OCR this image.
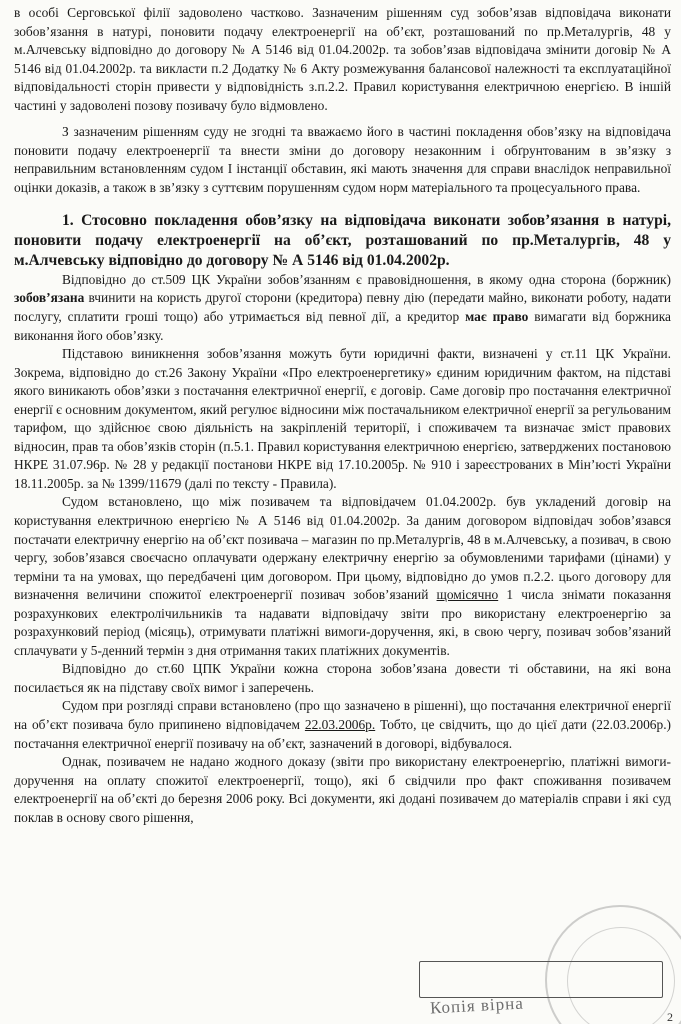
в особі Серговської філії задоволено частково. Зазначеним рішенням суд зобов’язав відповідача виконати зобов’язання в натурі, поновити подачу електроенергії на об’єкт, розташований по пр.Металургів, 48 у м.Алчевську відповідно до договору № А 5146 від 01.04.2002р. та зобов’язав відповідача змінити договір № А 5146 від 01.04.2002р. та викласти п.2 Додатку № 6 Акту розмежування балансової належності та експлуатаційної відповідальності сторін привести у відповідність з.п.2.2. Правил користування електричною енергією. В іншій частині у задоволені позову позивачу було відмовлено.

З зазначеним рішенням суду не згодні та вважаємо його в частині покладення обов’язку на відповідача поновити подачу електроенергії та внести зміни до договору незаконним і обґрунтованим в зв’язку з неправильним встановленням судом І інстанції обставин, які мають значення для справи внаслідок неправильної оцінки доказів, а також в зв’язку з суттєвим порушенням судом норм матеріального та процесуального права.

1. Стосовно покладення обов’язку на відповідача виконати зобов’язання в натурі, поновити подачу електроенергії на об’єкт, розташований по пр.Металургів, 48 у м.Алчевську відповідно до договору № А 5146 від 01.04.2002р.

Відповідно до ст.509 ЦК України зобов’язанням є правовідношення, в якому одна сторона (боржник) зобов’язана вчинити на користь другої сторони (кредитора) певну дію (передати майно, виконати роботу, надати послугу, сплатити гроші тощо) або утримається від певної дії, а кредитор має право вимагати від боржника виконання його обов’язку.

Підставою виникнення зобов’язання можуть бути юридичні факти, визначені у ст.11 ЦК України. Зокрема, відповідно до ст.26 Закону України «Про електроенергетику» єдиним юридичним фактом, на підставі якого виникають обов’язки з постачання електричної енергії, є договір. Саме договір про постачання електричної енергії є основним документом, який регулює відносини між постачальником електричної енергії за регульованим тарифом, що здійснює свою діяльність на закріпленій території, і споживачем та визначає зміст правових відносин, прав та обов’язків сторін (п.5.1. Правил користування електричною енергією, затверджених постановою НКРЕ 31.07.96р. № 28 у редакції постанови НКРЕ від 17.10.2005р. № 910 і зареєстрованих в Мін’юсті України 18.11.2005р. за № 1399/11679 (далі по тексту - Правила).

Судом встановлено, що між позивачем та відповідачем 01.04.2002р. був укладений договір на користування електричною енергією № А 5146 від 01.04.2002р. За даним договором відповідач зобов’язався постачати електричну енергію на об’єкт позивача – магазин по пр.Металургів, 48 в м.Алчевську, а позивач, в свою чергу, зобов’язався своєчасно оплачувати одержану електричну енергію за обумовленими тарифами (цінами) у терміни та на умовах, що передбачені цим договором. При цьому, відповідно до умов п.2.2. цього договору для визначення величини спожитої електроенергії позивач зобов’язаний щомісячно 1 числа знімати показання розрахункових електролічильників та надавати відповідачу звіти про використану електроенергію за розрахунковий період (місяць), отримувати платіжні вимоги-доручення, які, в свою чергу, позивач зобов’язаний сплачувати у 5-денний термін з дня отримання таких платіжних документів.

Відповідно до ст.60 ЦПК України кожна сторона зобов’язана довести ті обставини, на які вона посилається як на підставу своїх вимог і заперечень.

Судом при розгляді справи встановлено (про що зазначено в рішенні), що постачання електричної енергії на об’єкт позивача було припинено відповідачем 22.03.2006р. Тобто, це свідчить, що до цієї дати (22.03.2006р.) постачання електричної енергії позивачу на об’єкт, зазначений в договорі, відбувалося.

Однак, позивачем не надано жодного доказу (звіти про використану електроенергію, платіжні вимоги-доручення на оплату спожитої електроенергії, тощо), які б свідчили про факт споживання позивачем електроенергії на об’єкті до березня 2006 року. Всі документи, які додані позивачем до матеріалів справи і які суд поклав в основу свого рішення,

Копія вірна	2
